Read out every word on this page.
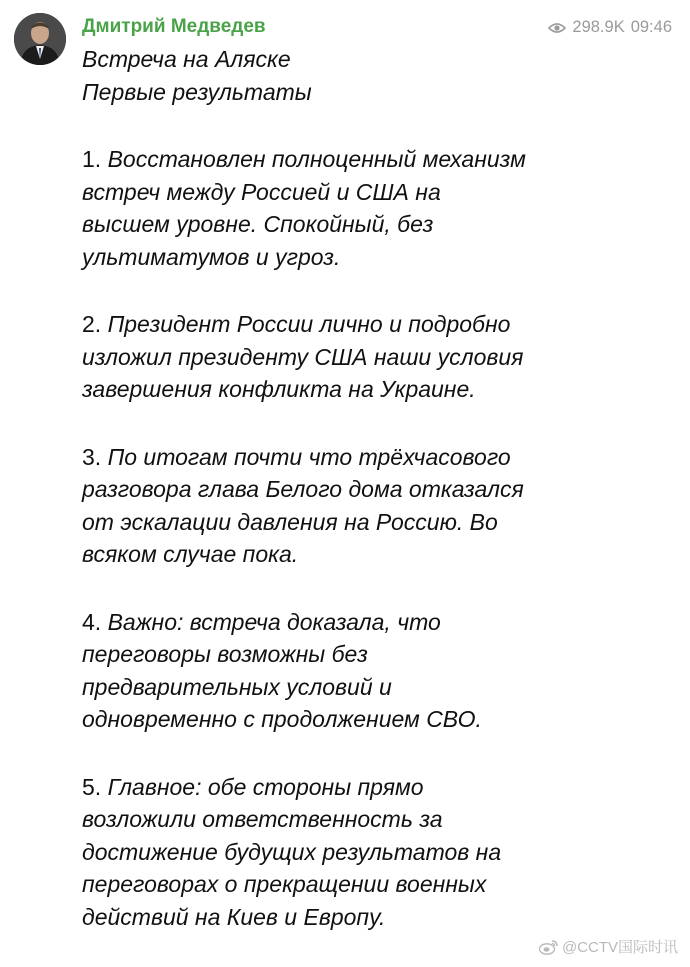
Дмитрий Медведев	298.9K 09:46
Встреча на Аляске
Первые результаты
1. Восстановлен полноценный механизм
встреч между Россией и США на
высшем уровне. Спокойный, без
ультиматумов и угроз.
2. Президент России лично и подробно
изложил президенту США наши условия
завершения конфликта на Украине.
3. По итогам почти что трёхчасового
разговора глава Белого дома отказался
от эскалации давления на Россию. Во
всяком случае пока.
4. Важно: встреча доказала, что
переговоры возможны без
предварительных условий и
одновременно с продолжением СВО.
5. Главное: обе стороны прямо
возложили ответственность за
достижение будущих результатов на
переговорах о прекращении военных
действий на Киев и Европу.
@CCTV国际时讯
